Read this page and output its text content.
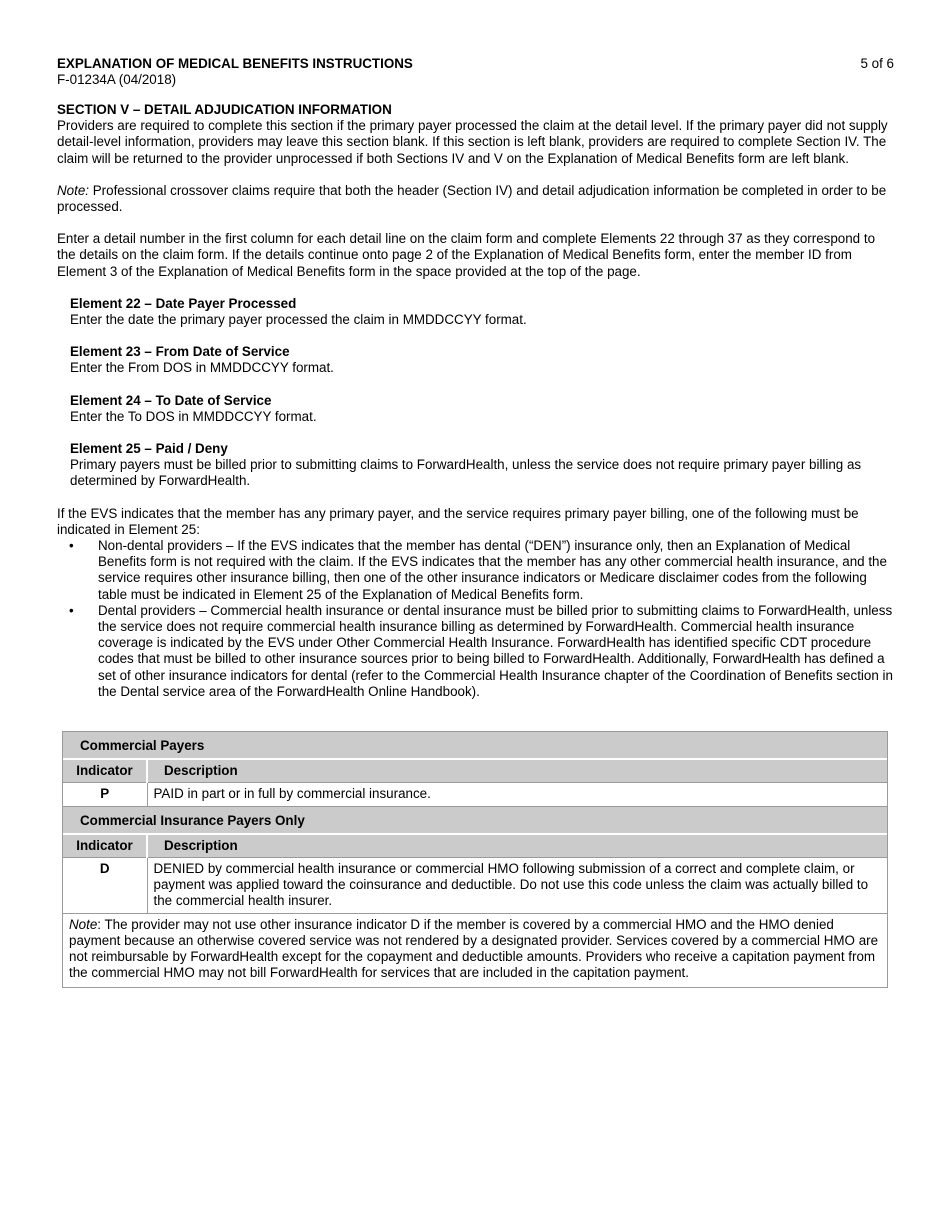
EXPLANATION OF MEDICAL BENEFITS INSTRUCTIONS
F-01234A (04/2018)
5 of 6

SECTION V – DETAIL ADJUDICATION INFORMATION

Providers are required to complete this section if the primary payer processed the claim at the detail level. If the primary payer did not supply detail-level information, providers may leave this section blank. If this section is left blank, providers are required to complete Section IV. The claim will be returned to the provider unprocessed if both Sections IV and V on the Explanation of Medical Benefits form are left blank.

Note: Professional crossover claims require that both the header (Section IV) and detail adjudication information be completed in order to be processed.

Enter a detail number in the first column for each detail line on the claim form and complete Elements 22 through 37 as they correspond to the details on the claim form. If the details continue onto page 2 of the Explanation of Medical Benefits form, enter the member ID from Element 3 of the Explanation of Medical Benefits form in the space provided at the top of the page.

Element 22 – Date Payer Processed

Enter the date the primary payer processed the claim in MMDDCCYY format.

Element 23 – From Date of Service

Enter the From DOS in MMDDCCYY format.

Element 24 – To Date of Service

Enter the To DOS in MMDDCCYY format.

Element 25 – Paid / Deny

Primary payers must be billed prior to submitting claims to ForwardHealth, unless the service does not require primary payer billing as determined by ForwardHealth.

If the EVS indicates that the member has any primary payer, and the service requires primary payer billing, one of the following must be indicated in Element 25:

• Non-dental providers – If the EVS indicates that the member has dental (“DEN”) insurance only, then an Explanation of Medical Benefits form is not required with the claim. If the EVS indicates that the member has any other commercial health insurance, and the service requires other insurance billing, then one of the other insurance indicators or Medicare disclaimer codes from the following table must be indicated in Element 25 of the Explanation of Medical Benefits form.
• Dental providers – Commercial health insurance or dental insurance must be billed prior to submitting claims to ForwardHealth, unless the service does not require commercial health insurance billing as determined by ForwardHealth. Commercial health insurance coverage is indicated by the EVS under Other Commercial Health Insurance. ForwardHealth has identified specific CDT procedure codes that must be billed to other insurance sources prior to being billed to ForwardHealth. Additionally, ForwardHealth has defined a set of other insurance indicators for dental (refer to the Commercial Health Insurance chapter of the Coordination of Benefits section in the Dental service area of the ForwardHealth Online Handbook).
Commercial Payers	
Indicator	Description
P	PAID in part or in full by commercial insurance.
Commercial Insurance Payers Only	
Indicator	Description
D	DENIED by commercial health insurance or commercial HMO following submission of a correct and complete claim, or payment was applied toward the coinsurance and deductible. Do not use this code unless the claim was actually billed to the commercial health insurer.
Note: The provider may not use other insurance indicator D if the member is covered by a commercial HMO and the HMO denied payment because an otherwise covered service was not rendered by a designated provider. Services covered by a commercial HMO are not reimbursable by ForwardHealth except for the copayment and deductible amounts. Providers who receive a capitation payment from the commercial HMO may not bill ForwardHealth for services that are included in the capitation payment.	
